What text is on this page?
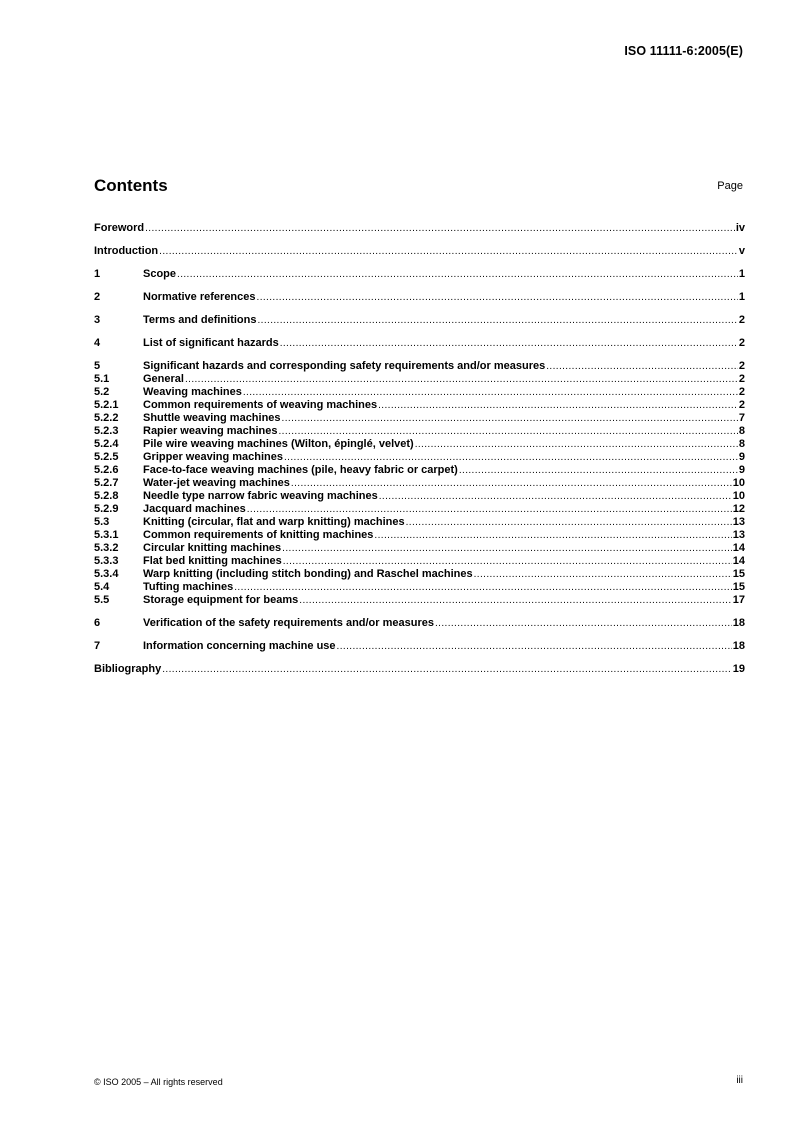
ISO 11111-6:2005(E)
Contents	Page
Foreword .....	iv
Introduction .....	v
1	Scope .....	1
2	Normative references .....	1
3	Terms and definitions .....	2
4	List of significant hazards .....	2
5	Significant hazards and corresponding safety requirements and/or measures .....	2
5.1	General .....	2
5.2	Weaving machines .....	2
5.2.1	Common requirements of weaving machines .....	2
5.2.2	Shuttle weaving machines .....	7
5.2.3	Rapier weaving machines .....	8
5.2.4	Pile wire weaving machines (Wilton, épinglé, velvet) .....	8
5.2.5	Gripper weaving machines .....	9
5.2.6	Face-to-face weaving machines (pile, heavy fabric or carpet) .....	9
5.2.7	Water-jet weaving machines .....	10
5.2.8	Needle type narrow fabric weaving machines .....	10
5.2.9	Jacquard machines .....	12
5.3	Knitting (circular, flat and warp knitting) machines .....	13
5.3.1	Common requirements of knitting machines .....	13
5.3.2	Circular knitting machines .....	14
5.3.3	Flat bed knitting machines .....	14
5.3.4	Warp knitting (including stitch bonding) and Raschel machines .....	15
5.4	Tufting machines .....	15
5.5	Storage equipment for beams .....	17
6	Verification of the safety requirements and/or measures .....	18
7	Information concerning machine use .....	18
Bibliography .....	19
© ISO 2005 – All rights reserved	iii
